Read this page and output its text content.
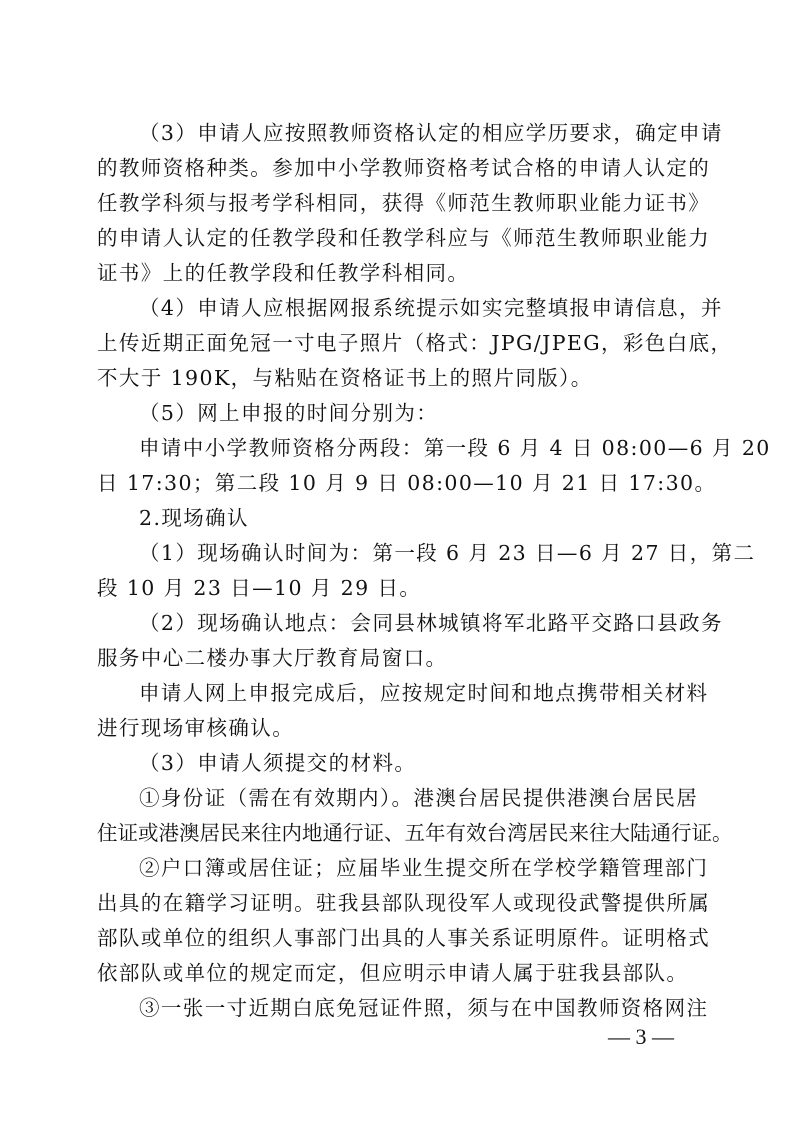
（3）申请人应按照教师资格认定的相应学历要求，确定申请
的教师资格种类。参加中小学教师资格考试合格的申请人认定的
任教学科须与报考学科相同，获得《师范生教师职业能力证书》
的申请人认定的任教学段和任教学科应与《师范生教师职业能力
证书》上的任教学段和任教学科相同。
（4）申请人应根据网报系统提示如实完整填报申请信息，并
上传近期正面免冠一寸电子照片（格式：JPG/JPEG，彩色白底，
不大于 190K，与粘贴在资格证书上的照片同版）。
（5）网上申报的时间分别为：
申请中小学教师资格分两段：第一段 6 月 4 日 08:00—6 月 20
日 17:30；第二段 10 月 9 日 08:00—10 月 21 日 17:30。
2.现场确认
（1）现场确认时间为：第一段 6 月 23 日—6 月 27 日，第二
段 10 月 23 日—10 月 29 日。
（2）现场确认地点：会同县林城镇将军北路平交路口县政务
服务中心二楼办事大厅教育局窗口。
申请人网上申报完成后，应按规定时间和地点携带相关材料
进行现场审核确认。
（3）申请人须提交的材料。
①身份证（需在有效期内）。港澳台居民提供港澳台居民居
住证或港澳居民来往内地通行证、五年有效台湾居民来往大陆通行证。
②户口簿或居住证；应届毕业生提交所在学校学籍管理部门
出具的在籍学习证明。驻我县部队现役军人或现役武警提供所属
部队或单位的组织人事部门出具的人事关系证明原件。证明格式
依部队或单位的规定而定，但应明示申请人属于驻我县部队。
③一张一寸近期白底免冠证件照，须与在中国教师资格网注
— 3 —
